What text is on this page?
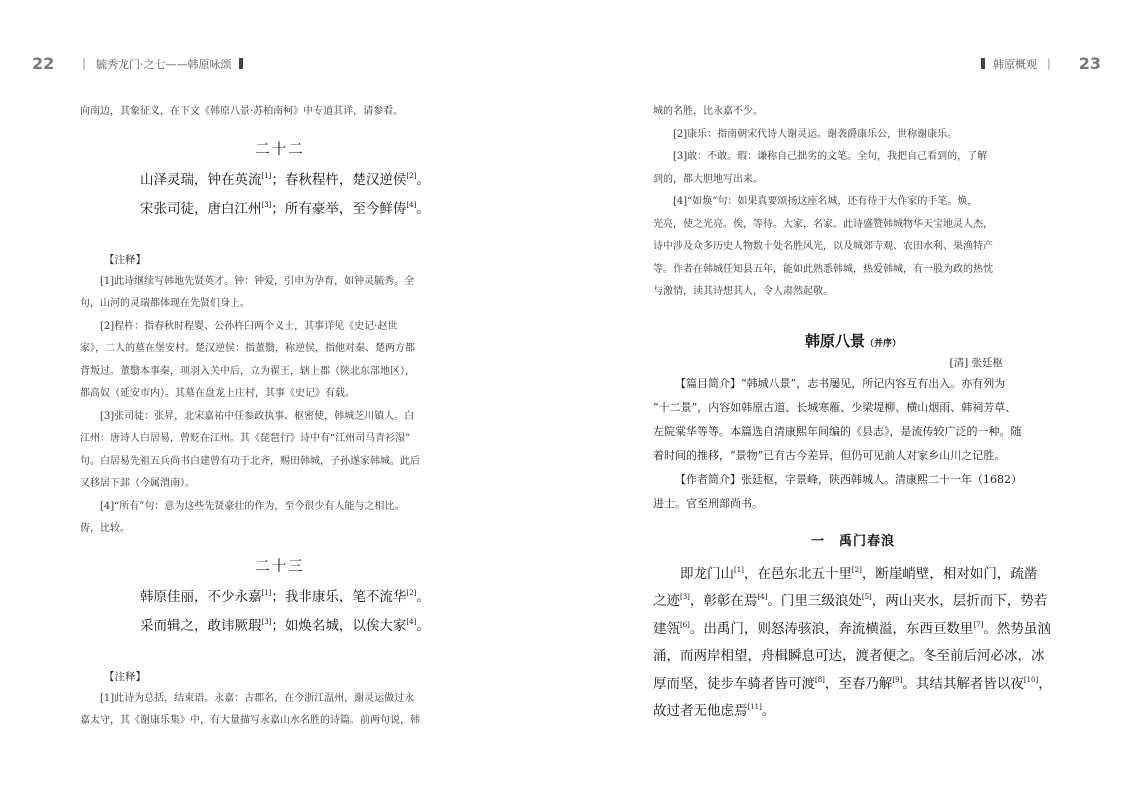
22	| 毓秀龙门·之七——韩原咏颂

向南边，其象征义，在下文《韩原八景·苏柏南柯》中专道其详，请参看。

二十二

山泽灵瑞，钟在英流[1]；春秋程杵，楚汉逆侯[2]。

宋张司徒，唐白江州[3]；所有豪举，至今鲜俦[4]。

【注释】

[1]此诗继续写韩地先贤英才。钟：钟爱，引申为孕育，如钟灵毓秀。全

句，山河的灵瑞都体现在先贤们身上。

[2]程杵：指春秋时程婴、公孙杵臼两个义士，其事详见《史记·赵世

家》，二人的墓在堡安村。楚汉逆侯：指董翳，称逆侯，指他对秦、楚两方都

背叛过。董翳本事秦，项羽入关中后，立为翟王，辖上郡（陕北东部地区），

都高奴（延安市内）。其墓在盘龙上庄村，其事《史记》有载。

[3]张司徒：张昇，北宋嘉祐中任参政执事、枢密使，韩城芝川镇人。白

江州：唐诗人白居易，曾贬在江州。其《琵琶行》诗中有“江州司马青衫湿”

句。白居易先祖五兵尚书白建曾有功于北齐，赐田韩城，子孙遂家韩城。此后

又移居下邽（今属渭南）。

[4]“所有”句：意为这些先贤豪壮的作为，至今很少有人能与之相比。

俦，比较。

二十三

韩原佳丽，不少永嘉[1]；我非康乐，笔不流华[2]。

采而辑之，敢讳厥瑕[3]；如焕名城，以俟大家[4]。

【注释】

[1]此诗为总括，结束语。永嘉：古郡名，在今浙江温州，谢灵运做过永

嘉太守，其《谢康乐集》中，有大量描写永嘉山水名胜的诗篇。前两句说，韩

韩原概观 | 23

城的名胜，比永嘉不少。

[2]康乐：指南朝宋代诗人谢灵运。谢袭爵康乐公，世称谢康乐。

[3]敢：不敢。瑕：谦称自己拙劣的文笔。全句，我把自己看到的，了解

到的，都大胆地写出来。

[4]“如焕”句：如果真要颂扬这座名城，还有待于大作家的手笔。焕，

光亮，使之光亮。俟，等待。大家，名家。此诗盛赞韩城物华天宝地灵人杰，

诗中涉及众多历史人物数十处名胜风光，以及城郊寺观、农田水利、果渔特产

等。作者在韩城任知县五年，能如此熟悉韩城，热爱韩城，有一股为政的热忱

与激情，读其诗想其人，令人肃然起敬。

韩原八景（并序）

[清] 张廷枢

【篇目简介】“韩城八景”，志书屡见，所记内容互有出入。亦有列为

“十二景”，内容如韩原古道、长城寒雁、少梁堤柳、横山烟雨、韩祠芳草、

左院棠华等等。本篇选自清康熙年间编的《县志》，是流传较广泛的一种。随

着时间的推移，“景物”已有古今差异，但仍可见前人对家乡山川之记胜。

【作者简介】张廷枢，字景峰，陕西韩城人。清康熙二十一年（1682）

进士。官至刑部尚书。

一　禹门春浪

即龙门山[1]，在邑东北五十里[2]，断崖峭壁，相对如门，疏凿

之迹[3]，彰彰在焉[4]。门里三级浪处[5]，两山夹水，层折而下，势若

建瓴[6]。出禹门，则怒涛骇浪，奔流横溢，东西亘数里[7]。然势虽汹

涌，而两岸相望，舟楫瞬息可达，渡者便之。冬至前后河必冰，冰

厚而坚，徒步车骑者皆可渡[8]，至春乃解[9]。其结其解者皆以夜[10]，

故过者无他虑焉[11]。
